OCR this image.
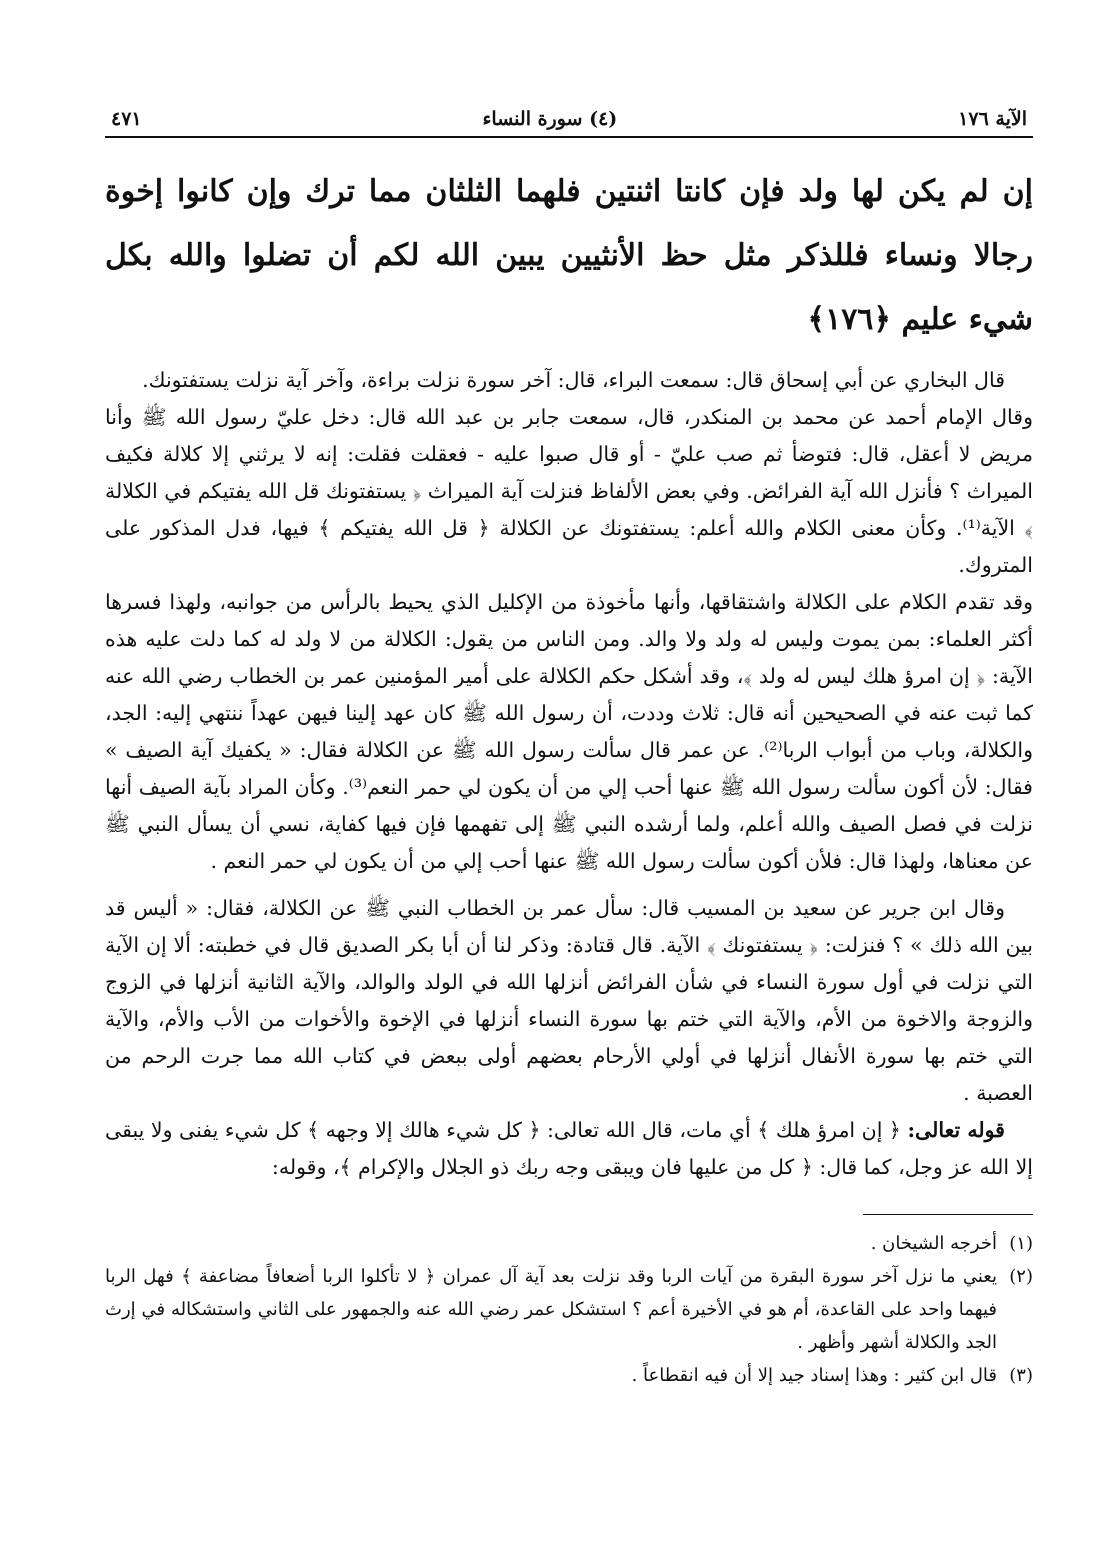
الآية ١٧٦
(٤) سورة النساء
٤٧١
إن لم يكن لها ولد فإن كانتا اثنتين فلهما الثلثان مما ترك وإن كانوا إخوة رجالا ونساء فللذكر مثل حظ الأنثيين يبين الله لكم أن تضلوا والله بكل شيء عليم ﴿١٧٦﴾

قال البخاري عن أبي إسحاق قال: سمعت البراء، قال: آخر سورة نزلت براءة، وآخر آية نزلت يستفتونك.

وقال الإمام أحمد عن محمد بن المنكدر، قال، سمعت جابر بن عبد الله قال: دخل عليّ رسول الله ﷺ وأنا مريض لا أعقل، قال: فتوضأ ثم صب عليّ - أو قال صبوا عليه - فعقلت فقلت: إنه لا يرثني إلا كلالة فكيف الميراث ؟ فأنزل الله آية الفرائض. وفي بعض الألفاظ فنزلت آية الميراث ﴿ يستفتونك قل الله يفتيكم في الكلالة ﴾ الآية⁽¹⁾. وكأن معنى الكلام والله أعلم: يستفتونك عن الكلالة ﴿ قل الله يفتيكم ﴾ فيها، فدل المذكور على المتروك.

وقد تقدم الكلام على الكلالة واشتقاقها، وأنها مأخوذة من الإكليل الذي يحيط بالرأس من جوانبه، ولهذا فسرها أكثر العلماء: بمن يموت وليس له ولد ولا والد. ومن الناس من يقول: الكلالة من لا ولد له كما دلت عليه هذه الآية: ﴿ إن امرؤ هلك ليس له ولد ﴾، وقد أشكل حكم الكلالة على أمير المؤمنين عمر بن الخطاب رضي الله عنه كما ثبت عنه في الصحيحين أنه قال: ثلاث وددت، أن رسول الله ﷺ كان عهد إلينا فيهن عهداً ننتهي إليه: الجد، والكلالة، وباب من أبواب الربا⁽²⁾. عن عمر قال سألت رسول الله ﷺ عن الكلالة فقال: « يكفيك آية الصيف » فقال: لأن أكون سألت رسول الله ﷺ عنها أحب إلي من أن يكون لي حمر النعم⁽³⁾. وكأن المراد بآية الصيف أنها نزلت في فصل الصيف والله أعلم، ولما أرشده النبي ﷺ إلى تفهمها فإن فيها كفاية، نسي أن يسأل النبي ﷺ عن معناها، ولهذا قال: فلأن أكون سألت رسول الله ﷺ عنها أحب إلي من أن يكون لي حمر النعم .

وقال ابن جرير عن سعيد بن المسيب قال: سأل عمر بن الخطاب النبي ﷺ عن الكلالة، فقال: « أليس قد بين الله ذلك » ؟ فنزلت: ﴿ يستفتونك ﴾ الآية. قال قتادة: وذكر لنا أن أبا بكر الصديق قال في خطبته: ألا إن الآية التي نزلت في أول سورة النساء في شأن الفرائض أنزلها الله في الولد والوالد، والآية الثانية أنزلها في الزوج والزوجة والاخوة من الأم، والآية التي ختم بها سورة النساء أنزلها في الإخوة والأخوات من الأب والأم، والآية التي ختم بها سورة الأنفال أنزلها في أولي الأرحام بعضهم أولى ببعض في كتاب الله مما جرت الرحم من العصبة .

قوله تعالى: ﴿ إن امرؤ هلك ﴾ أي مات، قال الله تعالى: ﴿ كل شيء هالك إلا وجهه ﴾ كل شيء يفنى ولا يبقى إلا الله عز وجل، كما قال: ﴿ كل من عليها فان ويبقى وجه ربك ذو الجلال والإكرام ﴾، وقوله:

(١)
أخرجه الشيخان .
(٢)
يعني ما نزل آخر سورة البقرة من آيات الربا وقد نزلت بعد آية آل عمران ﴿ لا تأكلوا الربا أضعافاً مضاعفة ﴾ فهل الربا فيهما واحد على القاعدة، أم هو في الأخيرة أعم ؟ استشكل عمر رضي الله عنه والجمهور على الثاني واستشكاله في إرث الجد والكلالة أشهر وأظهر .
(٣)
قال ابن كثير : وهذا إسناد جيد إلا أن فيه انقطاعاً .
